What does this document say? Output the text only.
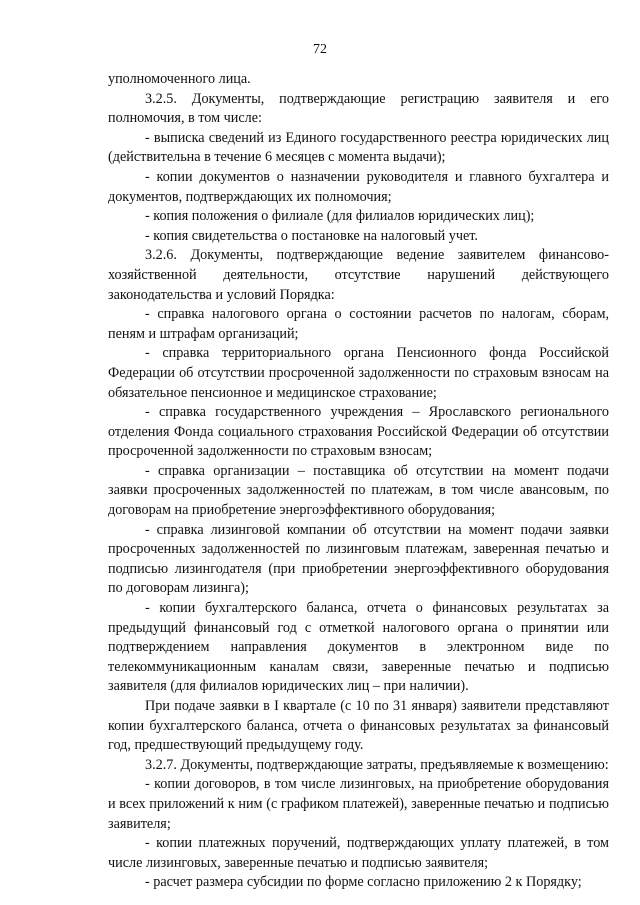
72

уполномоченного лица.

3.2.5. Документы, подтверждающие регистрацию заявителя и его полномочия, в том числе:

- выписка сведений из Единого государственного реестра юридических лиц (действительна в течение 6 месяцев с момента выдачи);

- копии документов о назначении руководителя и главного бухгалтера и документов, подтверждающих их полномочия;

- копия положения о филиале (для филиалов юридических лиц);

- копия свидетельства о постановке на налоговый учет.

3.2.6. Документы, подтверждающие ведение заявителем финансово-хозяйственной деятельности, отсутствие нарушений действующего законодательства и условий Порядка:

- справка налогового органа о состоянии расчетов по налогам, сборам, пеням и штрафам организаций;

- справка территориального органа Пенсионного фонда Российской Федерации об отсутствии просроченной задолженности по страховым взносам на обязательное пенсионное и медицинское страхование;

- справка государственного учреждения – Ярославского регионального отделения Фонда социального страхования Российской Федерации об отсутствии просроченной задолженности по страховым взносам;

- справка организации – поставщика об отсутствии на момент подачи заявки просроченных задолженностей по платежам, в том числе авансовым, по договорам на приобретение энергоэффективного оборудования;

- справка лизинговой компании об отсутствии на момент подачи заявки просроченных задолженностей по лизинговым платежам, заверенная печатью и подписью лизингодателя (при приобретении энергоэффективного оборудования по договорам лизинга);

- копии бухгалтерского баланса, отчета о финансовых результатах за предыдущий финансовый год с отметкой налогового органа о принятии или подтверждением направления документов в электронном виде по телекоммуникационным каналам связи, заверенные печатью и подписью заявителя (для филиалов юридических лиц – при наличии).

При подаче заявки в I квартале (с 10 по 31 января) заявители представляют копии бухгалтерского баланса, отчета о финансовых результатах за финансовый год, предшествующий предыдущему году.

3.2.7. Документы, подтверждающие затраты, предъявляемые к возмещению:

- копии договоров, в том числе лизинговых, на приобретение оборудования и всех приложений к ним (с графиком платежей), заверенные печатью и подписью заявителя;

- копии платежных поручений, подтверждающих уплату платежей, в том числе лизинговых, заверенные печатью и подписью заявителя;

- расчет размера субсидии по форме согласно приложению 2 к Порядку;
